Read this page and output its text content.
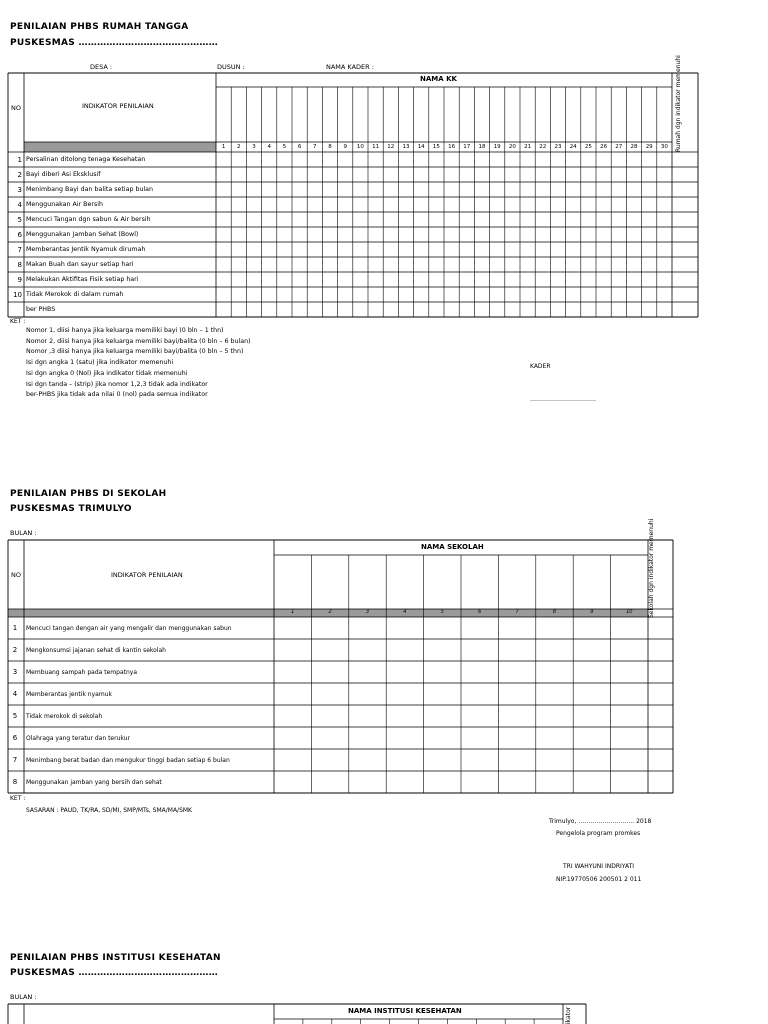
PENILAIAN PHBS RUMAH TANGGA
PUSKESMAS ………………………………………
DESA :	DUSUN :	NAMA KADER :
NO	INDIKATOR PENILAIAN
NAMA KK	Rumah dgn indikator memenuhi
1 Persalinan ditolong tenaga Kesehatan
2 Bayi diberi Asi Eksklusif
3 Menimbang Bayi dan balita setiap bulan
4 Menggunakan Air Bersih
5 Mencuci Tangan dgn sabun & Air bersih
6 Menggunakan Jamban Sehat (Bowl)
7 Memberantas Jentik Nyamuk dirumah
8 Makan Buah dan sayur setiap hari
9 Melakukan Aktifitas Fisik setiap hari
10 Tidak Merokok di dalam rumah
ber PHBS
1	2	3	4	5	6	7	8	9	10	11	12	13	14	15	16	17	18	19	20	21	22	23	24	25	26	27	28	29	30
KET :
Nomor 1, diisi hanya jika keluarga memiliki bayi (0 bln – 1 thn)
Nomor 2, diisi hanya jika keluarga memiliki bayi/balita (0 bln – 6 bulan)
Nomor ,3 diisi hanya jika keluarga memiliki bayi/balita (0 bln – 5 thn)
Isi dgn angka 1 (satu) jika indikator memenuhi
Isi dgn angka 0 (Nol) jika indikator tidak memenuhi
Isi dgn tanda – (strip) jika nomor 1,2,3 tidak ada indikator
ber-PHBS jika tidak ada nilai 0 (nol) pada semua indikator
KADER
……………………………
PENILAIAN PHBS DI SEKOLAH
PUSKESMAS TRIMULYO
BULAN :
NO	INDIKATOR PENILAIAN
NAMA SEKOLAH	Sekolah dgn indikator memenuhi
1	Mencuci tangan dengan air yang mengalir dan menggunakan sabun
2	Mengkonsumsi jajanan sehat di kantin sekolah
3	Membuang sampah pada tempatnya
4	Memberantas jentik nyamuk
5	Tidak merokok di sekolah
6	Olahraga yang teratur dan terukur
7	Menimbang berat badan dan mengukur tinggi badan setiap 6 bulan
8	Menggunakan jamban yang bersih dan sehat
1	2	3	4	5	6	7	8	9	10
KET :
SASARAN : PAUD, TK/RA, SD/MI, SMP/MTs, SMA/MA/SMK
Trimulyo, ………………………. 2018
Pengelola program promkes
TRI WAHYUNI INDRIYATI
NIP.19770506 200501 2 011
PENILAIAN PHBS INSTITUSI KESEHATAN
PUSKESMAS ………………………………………
BULAN :
NAMA INSTITUSI KESEHATAN	ikator
